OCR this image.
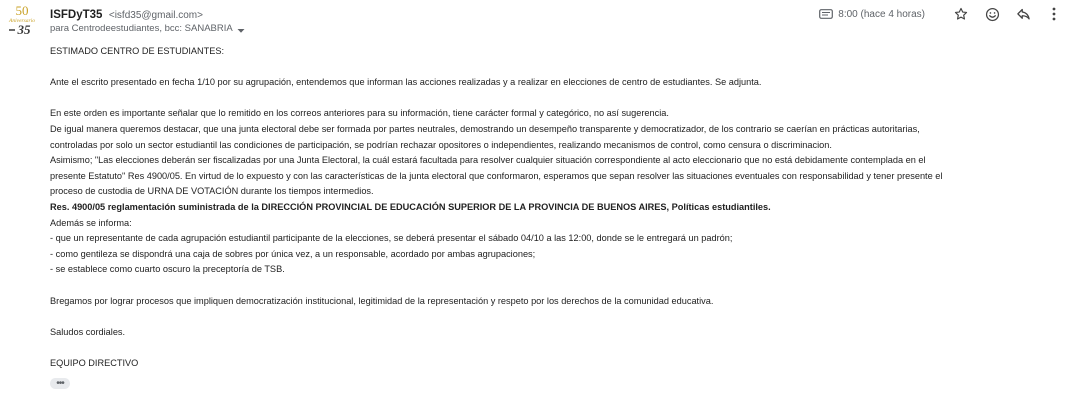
50
Aniversario
35
ISFDyT35 <isfd35@gmail.com>
para Centrodeestudiantes, bcc: SANABRIA
8:00 (hace 4 horas)

ESTIMADO CENTRO DE ESTUDIANTES:

Ante el escrito presentado en fecha 1/10 por su agrupación, entendemos que informan las acciones realizadas y a realizar en elecciones de centro de estudiantes. Se adjunta.

En este orden es importante señalar que lo remitido en los correos anteriores para su información, tiene carácter formal y categórico, no así sugerencia.

De igual manera queremos destacar, que una junta electoral debe ser formada por partes neutrales, demostrando un desempeño transparente y democratizador, de los contrario se caerían en prácticas autoritarias,

controladas por solo un sector estudiantil las condiciones de participación, se podrían rechazar opositores o independientes, realizando mecanismos de control, como censura o discriminacion.

Asimismo; "Las elecciones deberán ser fiscalizadas por una Junta Electoral, la cuál estará facultada para resolver cualquier situación correspondiente al acto eleccionario que no está debidamente contemplada en el

presente Estatuto" Res 4900/05. En virtud de lo expuesto y con las características de la junta electoral que conformaron, esperamos que sepan resolver las situaciones eventuales con responsabilidad y tener presente el

proceso de custodia de URNA DE VOTACIÓN durante los tiempos intermedios.

Res. 4900/05 reglamentación suministrada de la DIRECCIÓN PROVINCIAL DE EDUCACIÓN SUPERIOR DE LA PROVINCIA DE BUENOS AIRES, Políticas estudiantiles.

Además se informa:

- que un representante de cada agrupación estudiantil participante de la elecciones, se deberá presentar el sábado 04/10 a las 12:00, donde se le entregará un padrón;

- como gentileza se dispondrá una caja de sobres por única vez, a un responsable, acordado por ambas agrupaciones;

- se establece como cuarto oscuro la preceptoría de TSB.

Bregamos por lograr procesos que impliquen democratización institucional, legitimidad de la representación y respeto por los derechos de la comunidad educativa.

Saludos cordiales.

EQUIPO DIRECTIVO

•••
